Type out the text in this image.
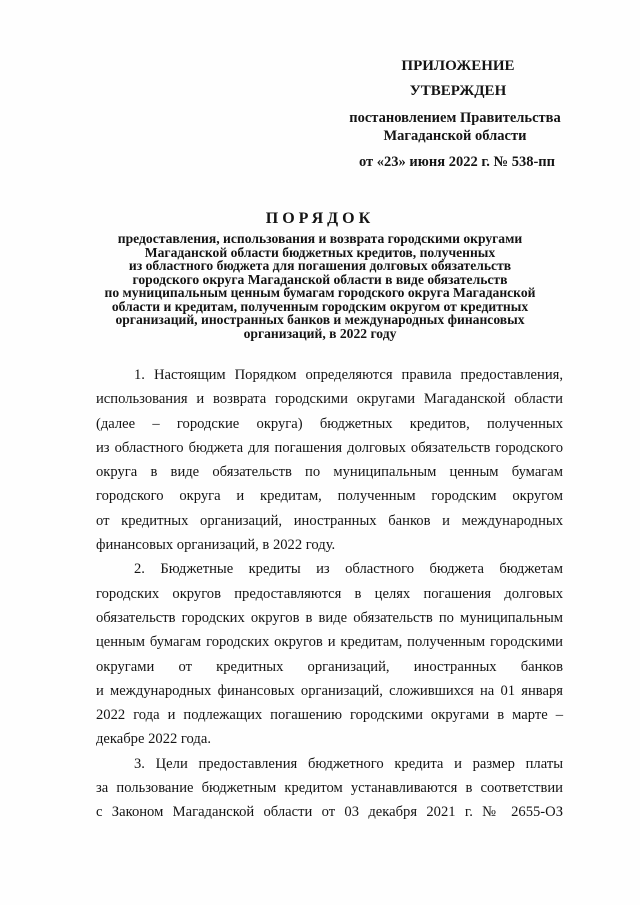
ПРИЛОЖЕНИЕ
УТВЕРЖДЕН
постановлением Правительства
Магаданской области
от «23» июня 2022 г. № 538-пп
ПОРЯДОК
предоставления, использования и возврата городскими округами
Магаданской области бюджетных кредитов, полученных
из областного бюджета для погашения долговых обязательств
городского округа Магаданской области в виде обязательств
по муниципальным ценным бумагам городского округа Магаданской
области и кредитам, полученным городским округом от кредитных
организаций, иностранных банков и международных финансовых
организаций, в 2022 году
1. Настоящим Порядком определяются правила предоставления,
использования и возврата городскими округами Магаданской области
(далее – городские округа) бюджетных кредитов, полученных
из областного бюджета для погашения долговых обязательств городского
округа в виде обязательств по муниципальным ценным бумагам
городского округа и кредитам, полученным городским округом
от кредитных организаций, иностранных банков и международных
финансовых организаций, в 2022 году.
2. Бюджетные кредиты из областного бюджета бюджетам
городских округов предоставляются в целях погашения долговых
обязательств городских округов в виде обязательств по муниципальным
ценным бумагам городских округов и кредитам, полученным городскими
округами от кредитных организаций, иностранных банков
и международных финансовых организаций, сложившихся на 01 января
2022 года и подлежащих погашению городскими округами в марте –
декабре 2022 года.
3. Цели предоставления бюджетного кредита и размер платы
за пользование бюджетным кредитом устанавливаются в соответствии
с Законом Магаданской области от 03 декабря 2021 г. № 2655-ОЗ
